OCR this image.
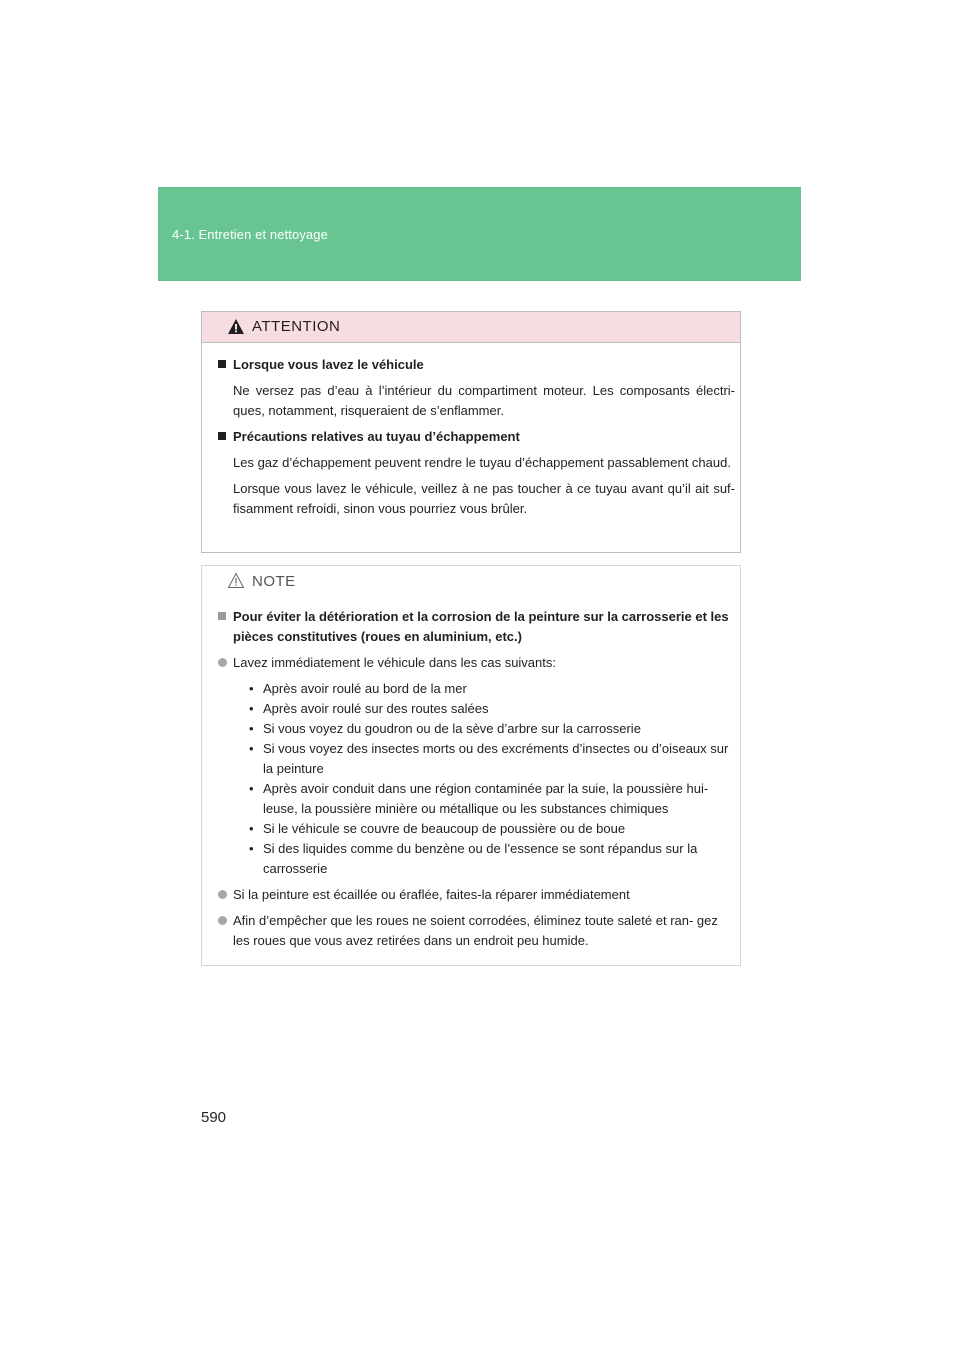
4-1. Entretien et nettoyage
ATTENTION

Lorsque vous lavez le véhicule

Ne versez pas d’eau à l’intérieur du compartiment moteur. Les composants électri- ques, notamment, risqueraient de s’enflammer.

Précautions relatives au tuyau d’échappement

Les gaz d’échappement peuvent rendre le tuyau d’échappement passablement chaud.

Lorsque vous lavez le véhicule, veillez à ne pas toucher à ce tuyau avant qu’il ait suf- fisamment refroidi, sinon vous pourriez vous brûler.

NOTE

Pour éviter la détérioration et la corrosion de la peinture sur la carrosserie et les pièces constitutives (roues en aluminium, etc.)

Lavez immédiatement le véhicule dans les cas suivants:

• Après avoir roulé au bord de la mer
• Après avoir roulé sur des routes salées
• Si vous voyez du goudron ou de la sève d’arbre sur la carrosserie
• Si vous voyez des insectes morts ou des excréments d’insectes ou d’oiseaux sur la peinture
• Après avoir conduit dans une région contaminée par la suie, la poussière hui- leuse, la poussière minière ou métallique ou les substances chimiques
• Si le véhicule se couvre de beaucoup de poussière ou de boue
• Si des liquides comme du benzène ou de l’essence se sont répandus sur la carrosserie

Si la peinture est écaillée ou éraflée, faites-la réparer immédiatement

Afin d’empêcher que les roues ne soient corrodées, éliminez toute saleté et ran- gez les roues que vous avez retirées dans un endroit peu humide.

590
